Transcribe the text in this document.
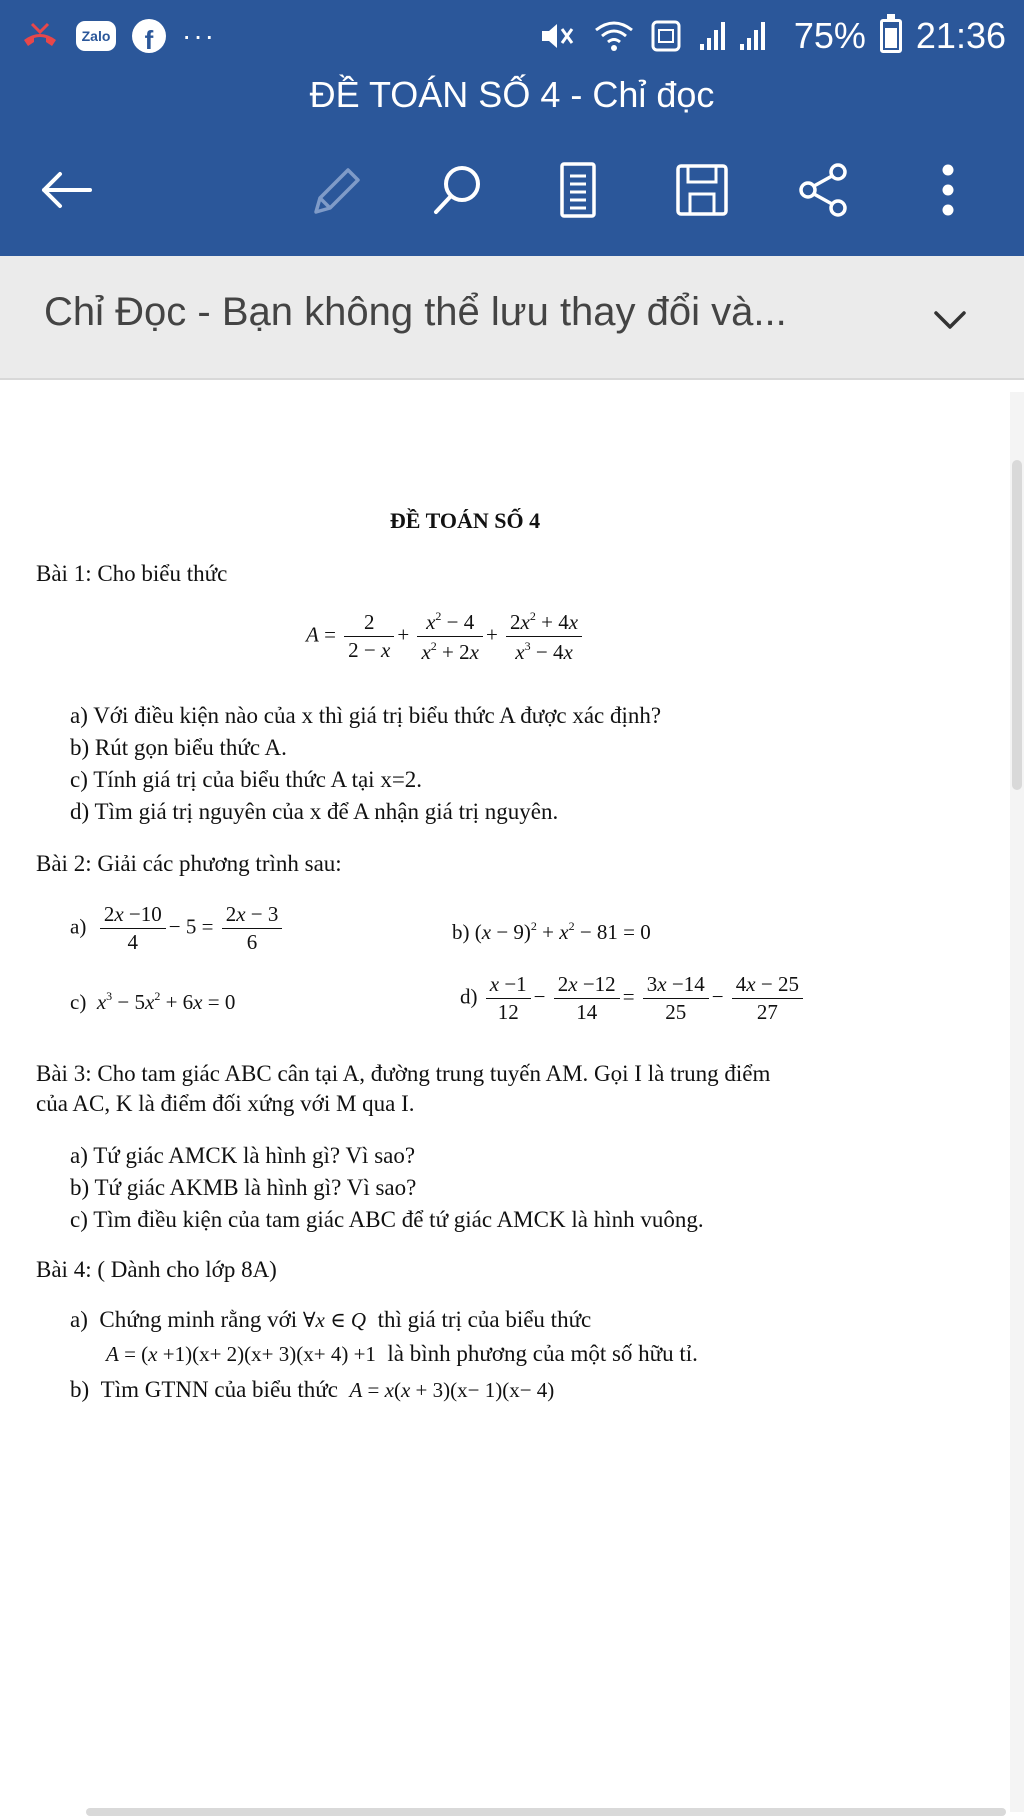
Zalo	f	···	75% 21:36
ĐỀ TOÁN SỐ 4 - Chỉ đọc
Chỉ Đọc - Bạn không thể lưu thay đổi và...
ĐỀ TOÁN SỐ 4
Bài 1: Cho biểu thức
$A = \frac{2}{2 - x} + \frac{x^2 - 4}{x^2 + 2x} + \frac{2x^2 + 4x}{x^3 - 4x}$
a) Với điều kiện nào của x thì giá trị biểu thức A được xác định?
b) Rút gọn biểu thức A.
c) Tính giá trị của biểu thức A tại x=2.
d) Tìm giá trị nguyên của x để A nhận giá trị nguyên.
Bài 2: Giải các phương trình sau:
$a) \frac{2x -10}{4} - 5 = \frac{2x - 3}{6}$	b) $(x - 9)^2 + x^2 - 81 = 0$
c)  $x^3 - 5x^2 + 6x = 0$	$d) \frac{x -1}{12} - \frac{2x -12}{14} = \frac{3x -14}{25} - \frac{4x - 25}{27}$
Bài 3: Cho tam giác ABC cân tại A, đường trung tuyến AM. Gọi I là trung điểm
của AC, K là điểm đối xứng với M qua I.
a) Tứ giác AMCK là hình gì? Vì sao?
b) Tứ giác AKMB là hình gì? Vì sao?
c) Tìm điều kiện của tam giác ABC để tứ giác AMCK là hình vuông.
Bài 4: ( Dành cho lớp 8A)
a)  Chứng minh rằng với ∀x ∈ Q thì giá trị của biểu thức
A = (x +1)(x+ 2)(x+ 3)(x+ 4) +1 là bình phương của một số hữu tỉ.
b)  Tìm GTNN của biểu thức A = x(x + 3)(x− 1)(x− 4)
